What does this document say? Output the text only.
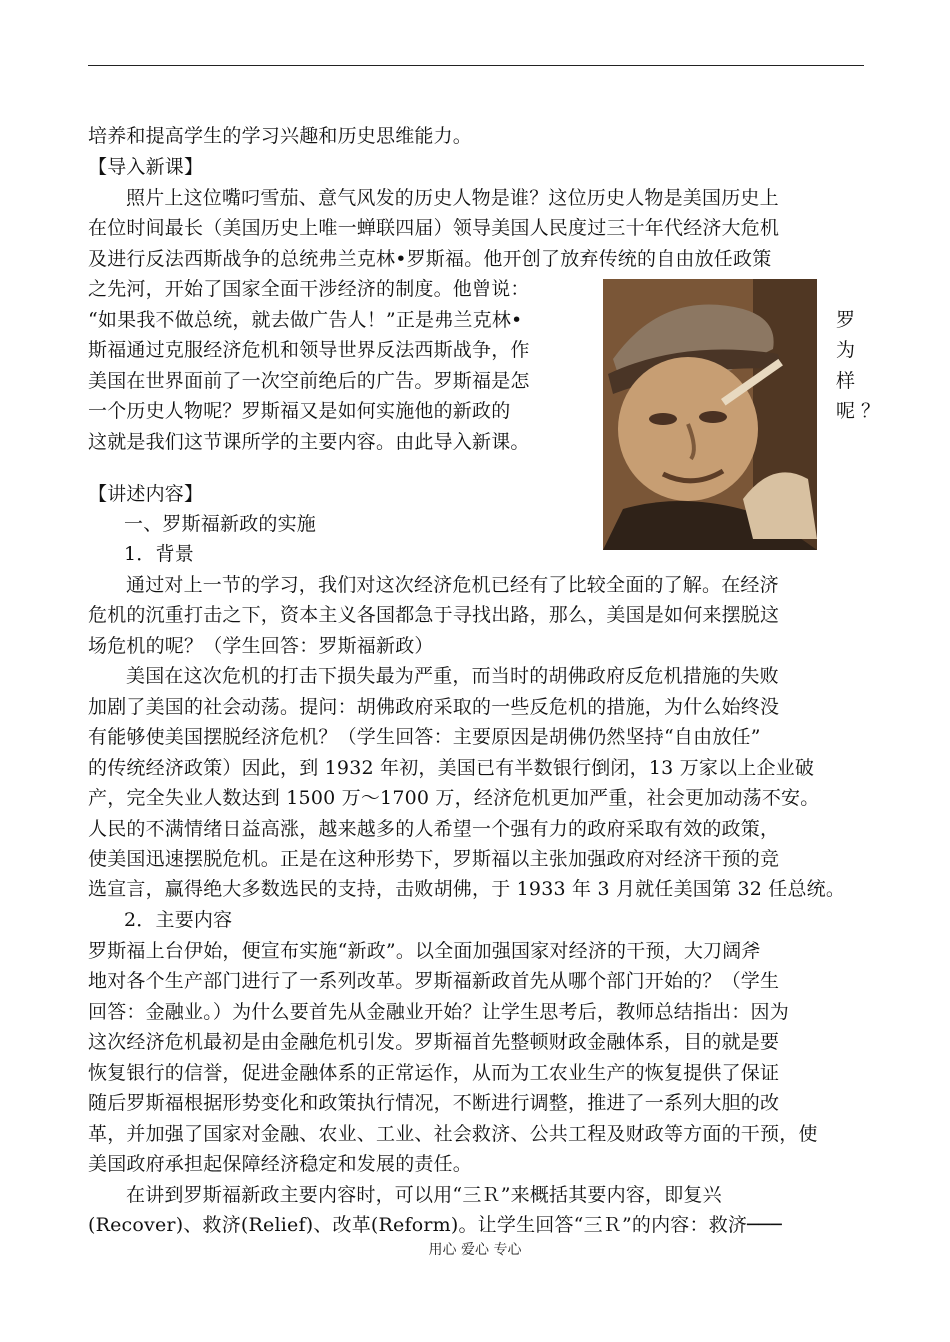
培养和提高学生的学习兴趣和历史思维能力。
【导入新课】
照片上这位嘴叼雪茄、意气风发的历史人物是谁？这位历史人物是美国历史上
在位时间最长（美国历史上唯一蝉联四届）领导美国人民度过三十年代经济大危机
及进行反法西斯战争的总统弗兰克林•罗斯福。他开创了放弃传统的自由放任政策
之先河，开始了国家全面干涉经济的制度。他曾说：
“如果我不做总统，就去做广告人！”正是弗兰克林•
斯福通过克服经济危机和领导世界反法西斯战争，作
美国在世界面前了一次空前绝后的广告。罗斯福是怎
一个历史人物呢？罗斯福又是如何实施他的新政的
这就是我们这节课所学的主要内容。由此导入新课。
罗
为
样
呢 ？
【讲述内容】
一、罗斯福新政的实施
1．背景
通过对上一节的学习，我们对这次经济危机已经有了比较全面的了解。在经济
危机的沉重打击之下，资本主义各国都急于寻找出路，那么，美国是如何来摆脱这
场危机的呢？（学生回答：罗斯福新政）
美国在这次危机的打击下损失最为严重，而当时的胡佛政府反危机措施的失败
加剧了美国的社会动荡。提问：胡佛政府采取的一些反危机的措施，为什么始终没
有能够使美国摆脱经济危机？（学生回答：主要原因是胡佛仍然坚持“自由放任”
的传统经济政策）因此，到 1932 年初，美国已有半数银行倒闭，13 万家以上企业破
产，完全失业人数达到 1500 万～1700 万，经济危机更加严重，社会更加动荡不安。
人民的不满情绪日益高涨，越来越多的人希望一个强有力的政府采取有效的政策，
使美国迅速摆脱危机。正是在这种形势下，罗斯福以主张加强政府对经济干预的竞
选宣言，赢得绝大多数选民的支持，击败胡佛，于 1933 年 3 月就任美国第 32 任总统。
2．主要内容
罗斯福上台伊始，便宣布实施“新政”。以全面加强国家对经济的干预，大刀阔斧
地对各个生产部门进行了一系列改革。罗斯福新政首先从哪个部门开始的？（学生
回答：金融业。）为什么要首先从金融业开始？让学生思考后，教师总结指出：因为
这次经济危机最初是由金融危机引发。罗斯福首先整顿财政金融体系，目的就是要
恢复银行的信誉，促进金融体系的正常运作，从而为工农业生产的恢复提供了保证
随后罗斯福根据形势变化和政策执行情况，不断进行调整，推进了一系列大胆的改
革，并加强了国家对金融、农业、工业、社会救济、公共工程及财政等方面的干预，使
美国政府承担起保障经济稳定和发展的责任。
在讲到罗斯福新政主要内容时，可以用“三Ｒ”来概括其要内容，即复兴
(Recover)、救济(Relief)、改革(Reform)。让学生回答“三Ｒ”的内容：救济───
用心 爱心 专心
